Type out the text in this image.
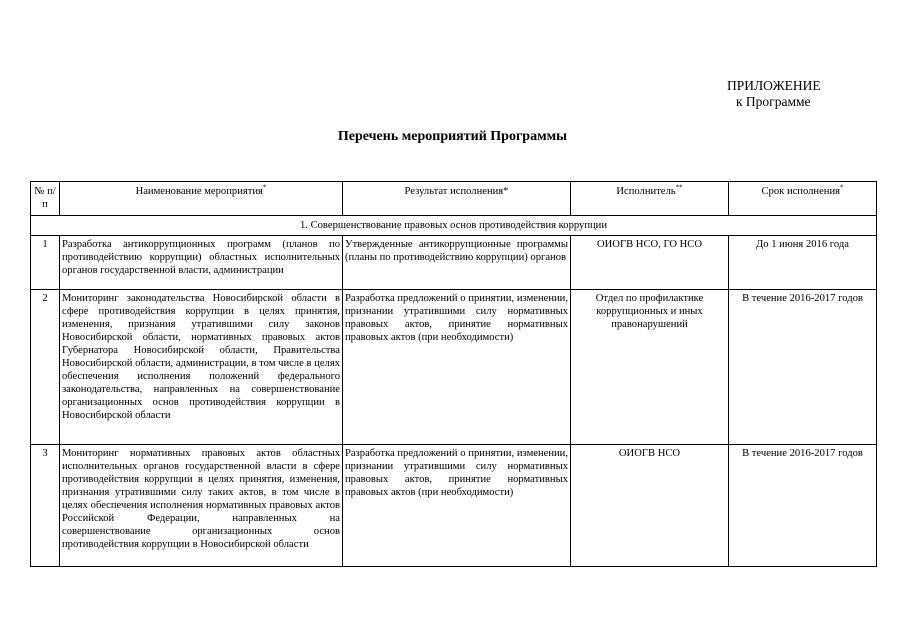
ПРИЛОЖЕНИЕ
к Программе
Перечень мероприятий Программы
№ п/п	Наименование мероприятия*	Результат исполнения*	Исполнитель**	Срок исполнения*
1. Совершенствование правовых основ противодействия коррупции				
1	Разработка антикоррупционных программ (планов по противодействию коррупции) областных исполнительных органов государственной власти, администрации	Утвержденные антикоррупционные программы (планы по противодействию коррупции) органов	ОИОГВ НСО, ГО НСО	До 1 июня 2016 года
2	Мониторинг законодательства Новосибирской области в сфере противодействия коррупции в целях принятия, изменения, признания утратившими силу законов Новосибирской области, нормативных правовых актов Губернатора Новосибирской области, Правительства Новосибирской области, администрации, в том числе в целях обеспечения исполнения положений федерального законодательства, направленных на совершенствование организационных основ противодействия коррупции в Новосибирской области	Разработка предложений о принятии, изменении, признании утратившими силу нормативных правовых актов, принятие нормативных правовых актов (при необходимости)	Отдел по профилактике коррупционных и иных правонарушений	В течение 2016-2017 годов
3	Мониторинг нормативных правовых актов областных исполнительных органов государственной власти в сфере противодействия коррупции в целях принятия, изменения, признания утратившими силу таких актов, в том числе в целях обеспечения исполнения нормативных правовых актов Российской Федерации, направленных на совершенствование организационных основ противодействия коррупции в Новосибирской области	Разработка предложений о принятии, изменении, признании утратившими силу нормативных правовых актов, принятие нормативных правовых актов (при необходимости)	ОИОГВ НСО	В течение 2016-2017 годов
